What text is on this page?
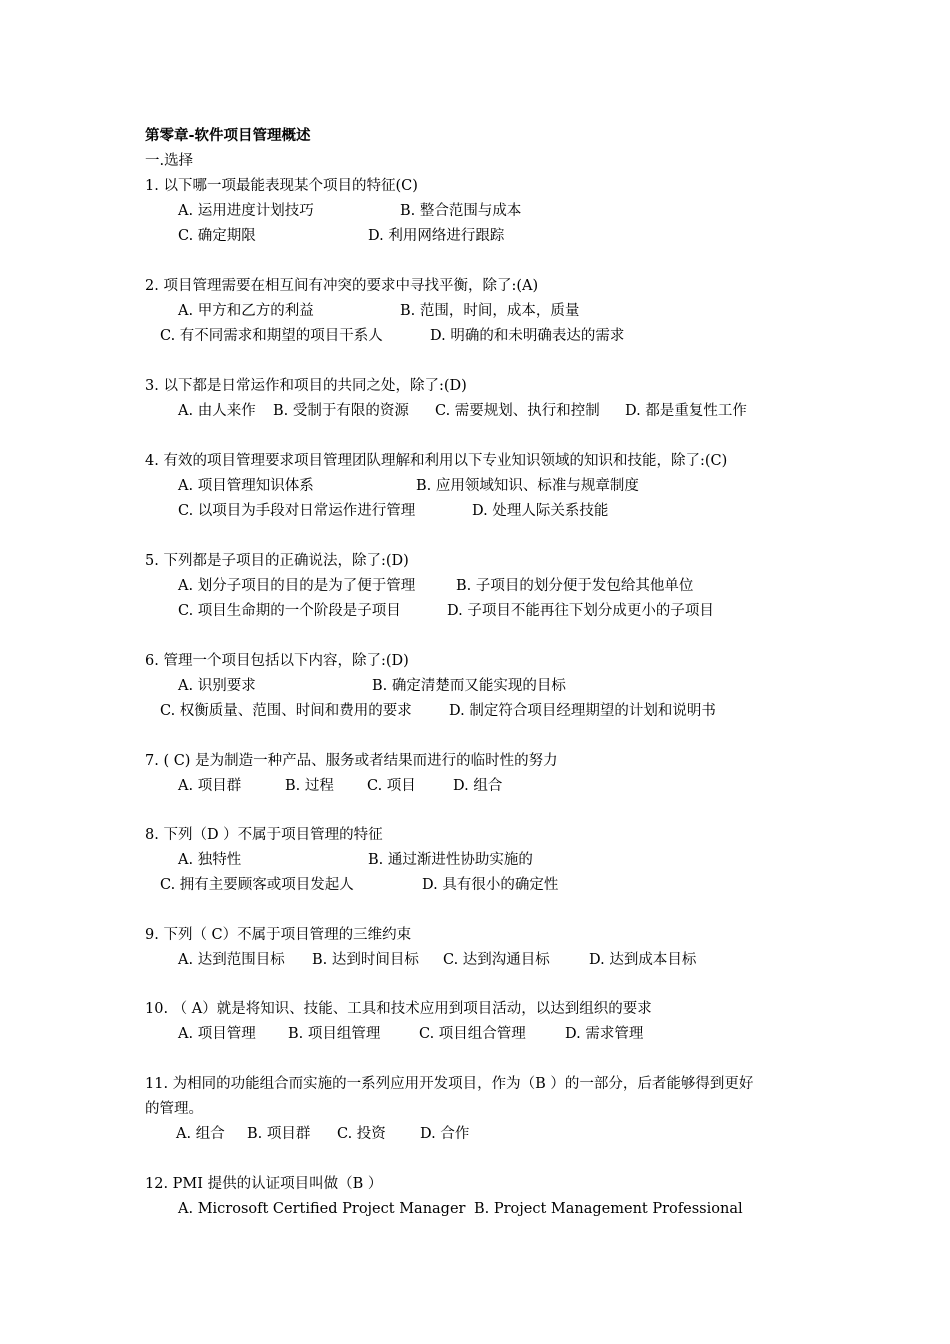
第零章-软件项目管理概述
一.选择
1. 以下哪一项最能表现某个项目的特征(C)
A. 运用进度计划技巧	B. 整合范围与成本
C. 确定期限	D. 利用网络进行跟踪
2. 项目管理需要在相互间有冲突的要求中寻找平衡，除了:(A)
A. 甲方和乙方的利益	B. 范围，时间，成本，质量
C. 有不同需求和期望的项目干系人	D. 明确的和未明确表达的需求
3. 以下都是日常运作和项目的共同之处，除了:(D)
A. 由人来作 B. 受制于有限的资源 C. 需要规划、执行和控制 D. 都是重复性工作
4. 有效的项目管理要求项目管理团队理解和利用以下专业知识领域的知识和技能，除了:(C)
A. 项目管理知识体系	B. 应用领域知识、标准与规章制度
C. 以项目为手段对日常运作进行管理	D. 处理人际关系技能
5. 下列都是子项目的正确说法，除了:(D)
A. 划分子项目的目的是为了便于管理	B. 子项目的划分便于发包给其他单位
C. 项目生命期的一个阶段是子项目	D. 子项目不能再往下划分成更小的子项目
6. 管理一个项目包括以下内容，除了:(D)
A. 识别要求	B. 确定清楚而又能实现的目标
C. 权衡质量、范围、时间和费用的要求	D. 制定符合项目经理期望的计划和说明书
7. ( C) 是为制造一种产品、服务或者结果而进行的临时性的努力
A. 项目群	B. 过程 C. 项目	D. 组合
8. 下列（D ）不属于项目管理的特征
A. 独特性	B. 通过渐进性协助实施的
C. 拥有主要顾客或项目发起人	D. 具有很小的确定性
9. 下列（ C）不属于项目管理的三维约束
A. 达到范围目标 B. 达到时间目标 C. 达到沟通目标	D. 达到成本目标
10. （ A）就是将知识、技能、工具和技术应用到项目活动，以达到组织的要求
A. 项目管理 B. 项目组管理	C. 项目组合管理	D. 需求管理
11. 为相同的功能组合而实施的一系列应用开发项目，作为（B ）的一部分，后者能够得到更好
的管理。
A. 组合 B. 项目群 C. 投资 D. 合作
12. PMI 提供的认证项目叫做（B ）
A. Microsoft Certified Project Manager B. Project Management Professional
